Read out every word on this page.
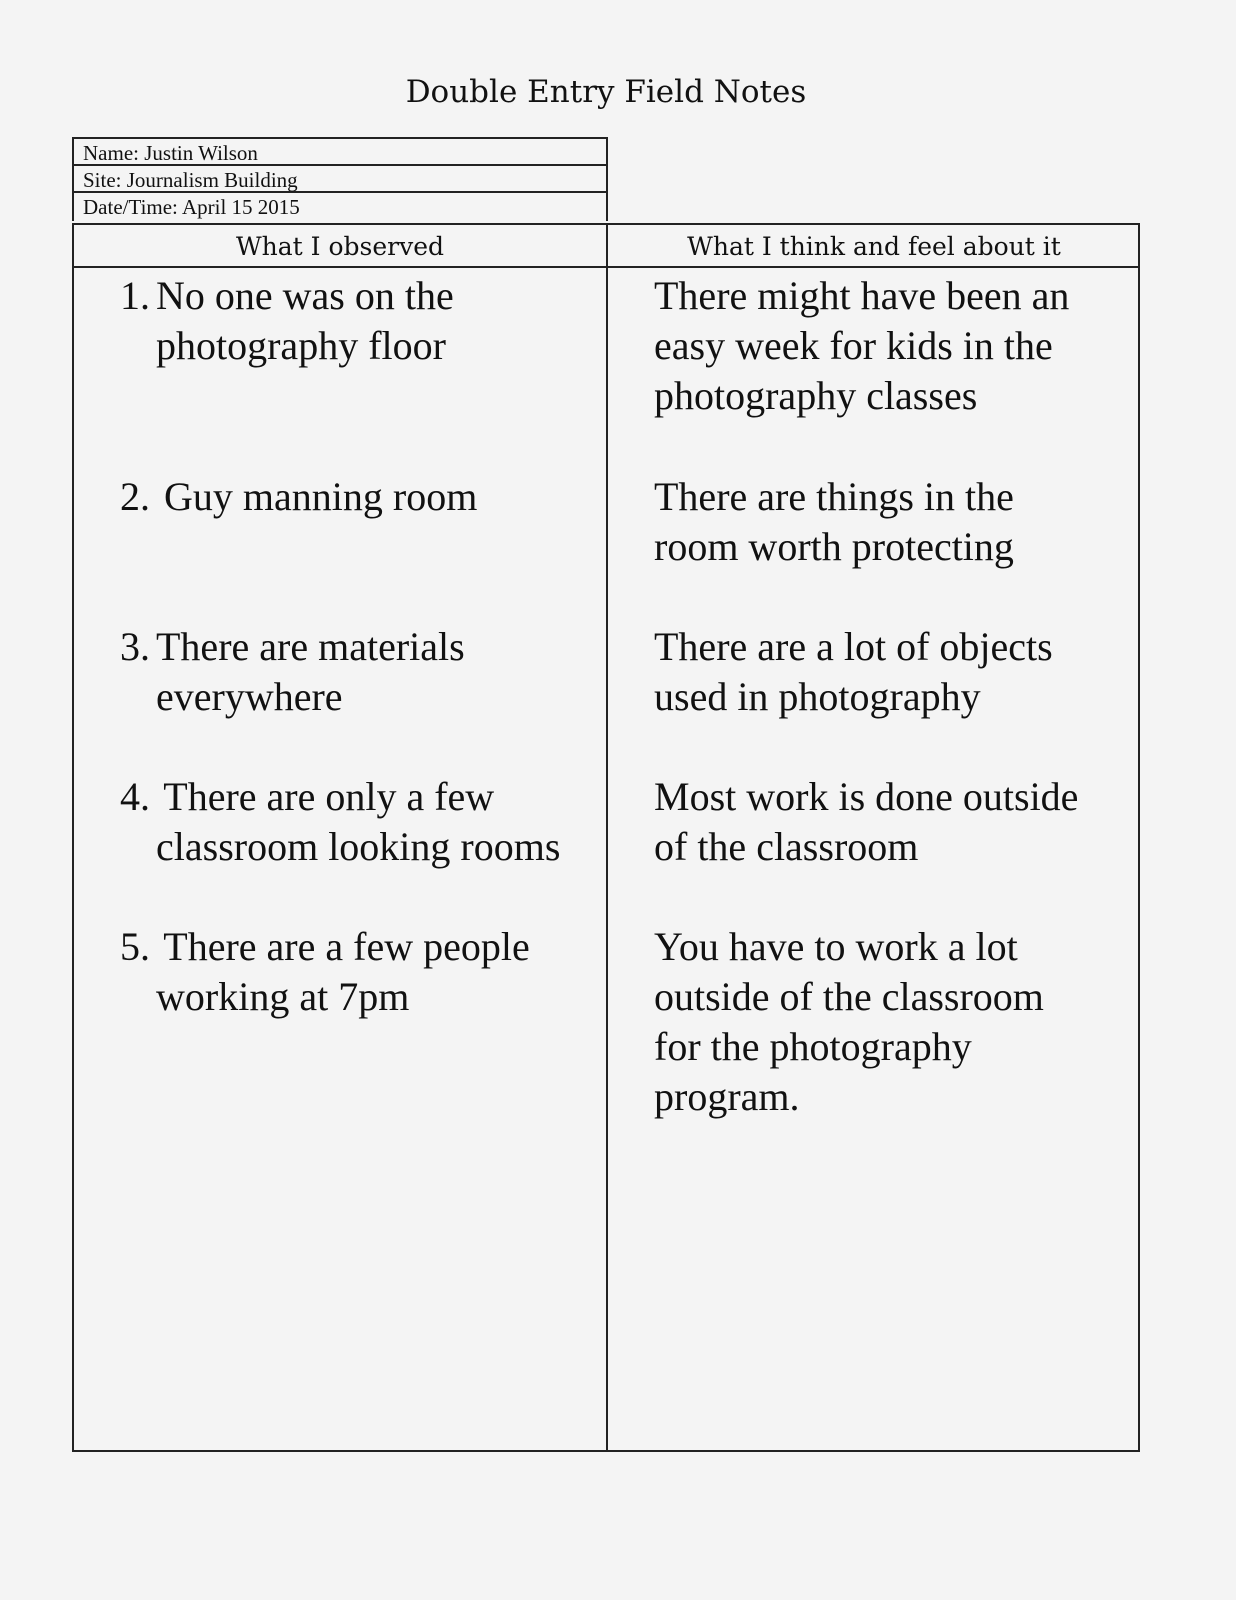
Double Entry Field Notes
Name: Justin Wilson
Site: Journalism Building
Date/Time: April 15 2015
What I observed	What I think and feel about it
1. No one was on the
photography floor
2. Guy manning room
3. There are materials
everywhere
4. There are only a few
classroom looking rooms
5. There are a few people
working at 7pm
There might have been an
easy week for kids in the
photography classes
There are things in the
room worth protecting
There are a lot of objects
used in photography
Most work is done outside
of the classroom
You have to work a lot
outside of the classroom
for the photography
program.
